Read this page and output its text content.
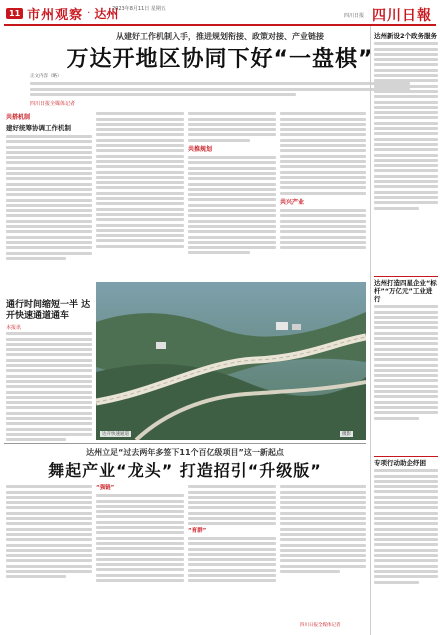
11 市州观察 · 达州
2023年8月11日 星期五
四川日报 四川日報
从建好工作机制入手，推进规划衔接、政策对接、产业链接
万达开地区协同下好“一盘棋”
正文内容（略）
四川日报全媒体记者
共搭机制
建好统筹协调工作机制
共推规划
共兴产业
通行时间缩短一半 达开快速通道通车
本报讯
达开快速通道	摄影
达州新设2个政务服务
达州打造四星企业“标杆”“万亿元”工业进行
专项行动助企纾困
达州立足“过去两年多签下11个百亿级项目”这一新起点
舞起产业“龙头” 打造招引“升级版”
“强链”
“育群”
四川日报全媒体记者
